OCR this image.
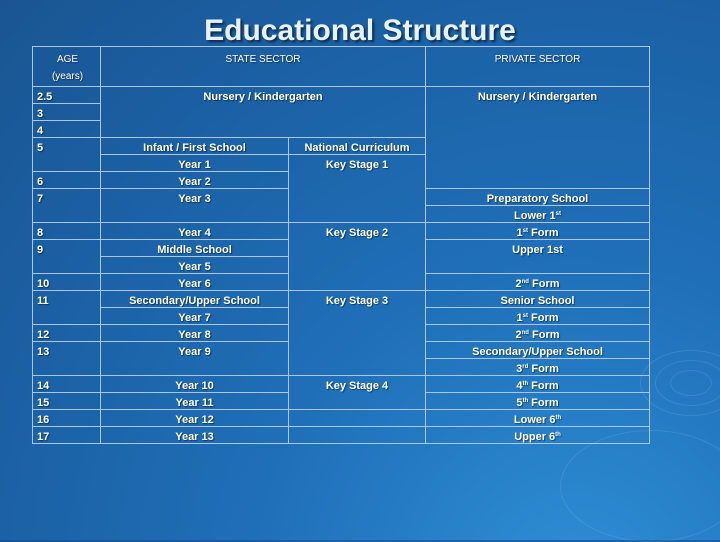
Educational Structure
AGE
(years)	STATE SECTOR		PRIVATE SECTOR
2.5	Nursery / Kindergarten		Nursery / Kindergarten
3			
4			
5	Infant / First School	National Curriculum	
	Year 1	Key Stage 1	
6	Year 2		
7	Year 3		Preparatory School
			Lower 1st
8	Year 4	Key Stage 2	1st Form
9	Middle School		Upper 1st
	Year 5		
10	Year 6		2nd Form
11	Secondary/Upper School	Key Stage 3	Senior School
	Year 7		1st Form
12	Year 8		2nd Form
13	Year 9		Secondary/Upper School
			3rd Form
14	Year 10	Key Stage 4	4th Form
15	Year 11		5th Form
16	Year 12		Lower 6th
17	Year 13		Upper 6th
